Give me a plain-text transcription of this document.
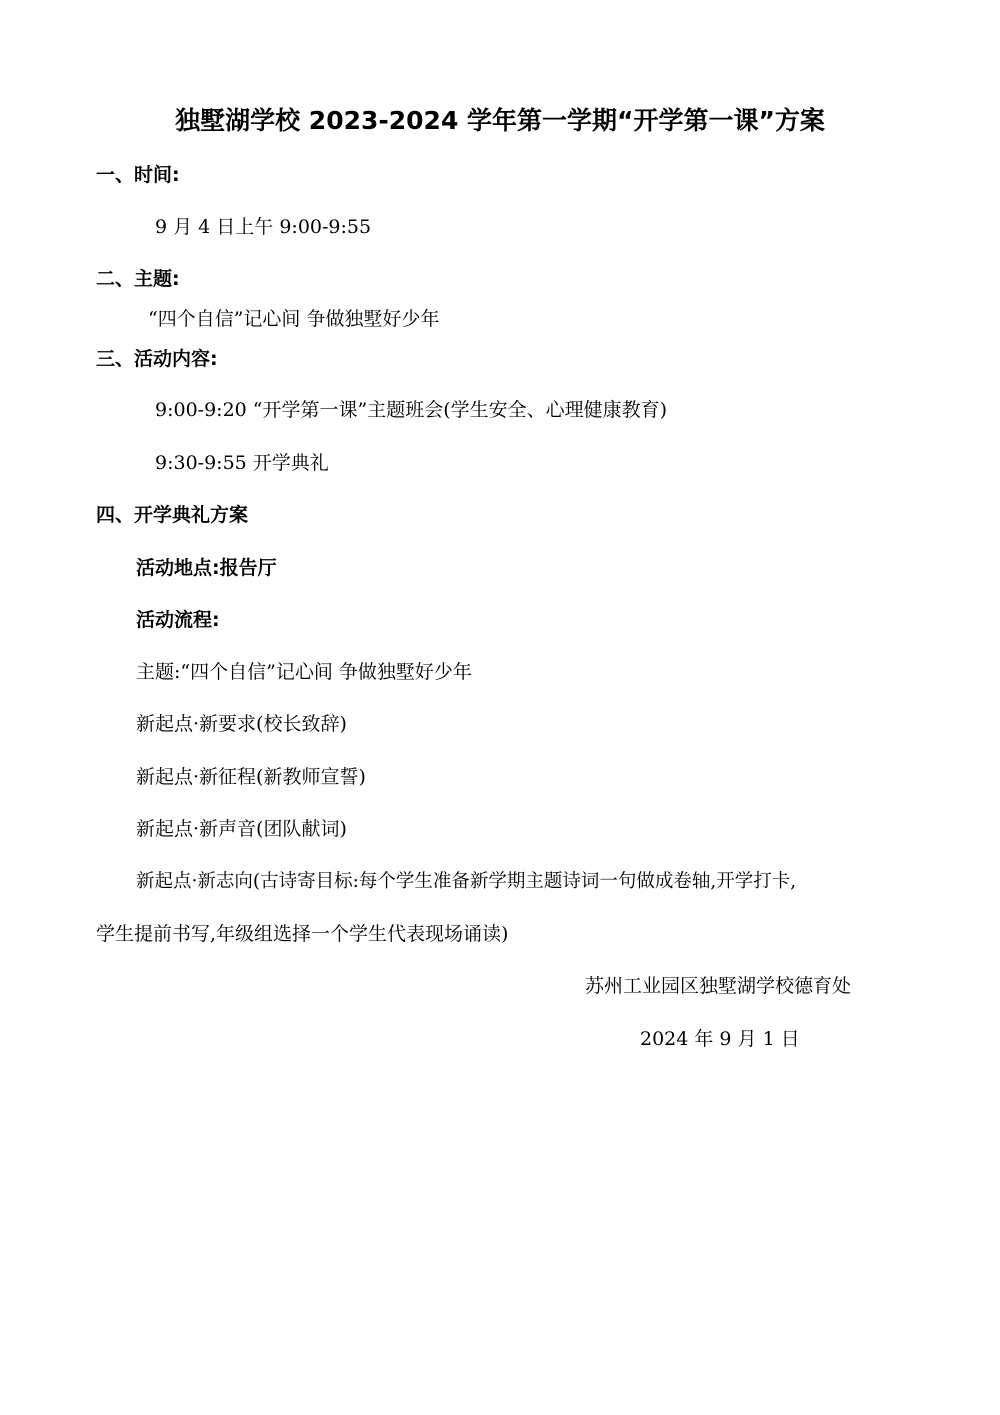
独墅湖学校 2023-2024 学年第一学期“开学第一课”方案
一、时间:
9 月 4 日上午 9:00-9:55
二、主题:
“四个自信”记心间 争做独墅好少年
三、活动内容:
9:00-9:20 “开学第一课”主题班会(学生安全、心理健康教育)
9:30-9:55 开学典礼
四、开学典礼方案
活动地点:报告厅
活动流程:
主题:“四个自信”记心间 争做独墅好少年
新起点·新要求(校长致辞)
新起点·新征程(新教师宣誓)
新起点·新声音(团队献词)
新起点·新志向(古诗寄目标:每个学生准备新学期主题诗词一句做成卷轴,开学打卡,
学生提前书写,年级组选择一个学生代表现场诵读)
苏州工业园区独墅湖学校德育处
2024 年 9 月 1 日
